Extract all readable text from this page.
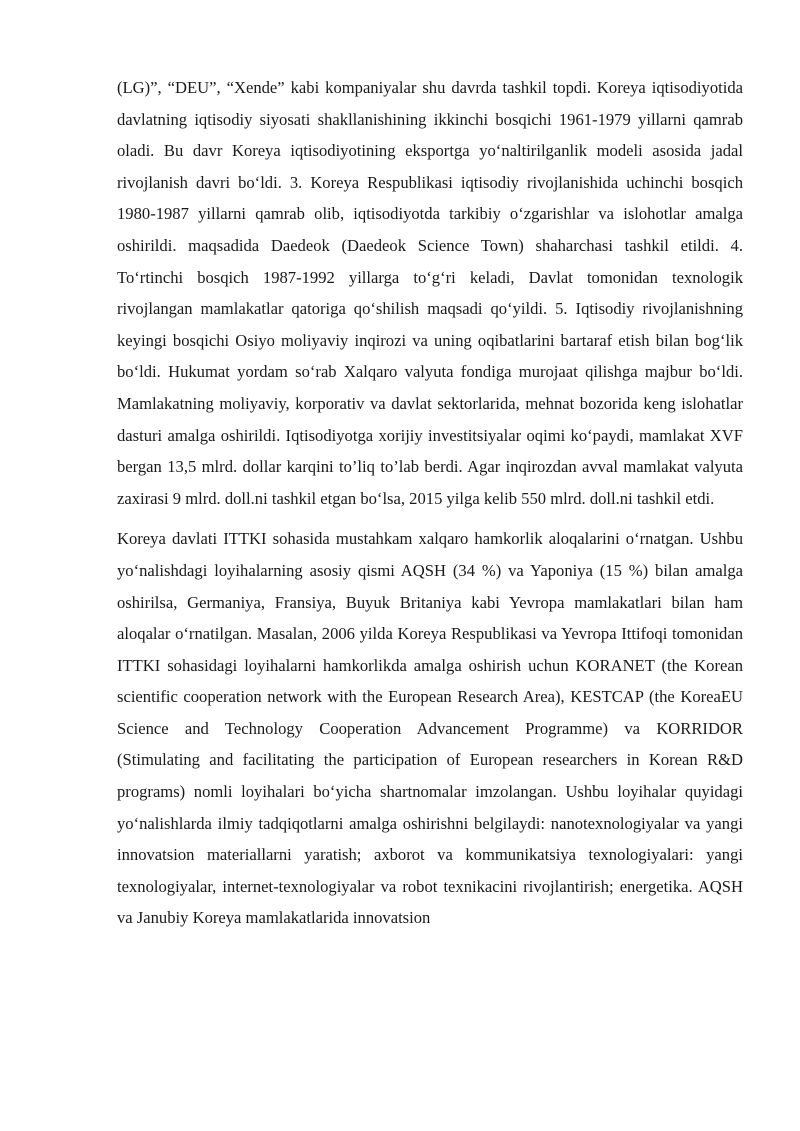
(LG)”, “DEU”, “Xende” kabi kompaniyalar shu davrda tashkil topdi. Koreya iqtisodiyotida davlatning iqtisodiy siyosati shakllanishining ikkinchi bosqichi 1961-1979 yillarni qamrab oladi. Bu davr Koreya iqtisodiyotining eksportga yo‘naltirilganlik modeli asosida jadal rivojlanish davri bo‘ldi. 3. Koreya Respublikasi iqtisodiy rivojlanishida uchinchi bosqich 1980-1987 yillarni qamrab olib, iqtisodiyotda tarkibiy o‘zgarishlar va islohotlar amalga oshirildi. maqsadida Daedeok (Daedeok Science Town) shaharchasi tashkil etildi. 4. To‘rtinchi bosqich 1987-1992 yillarga to‘g‘ri keladi, Davlat tomonidan texnologik rivojlangan mamlakatlar qatoriga qo‘shilish maqsadi qo‘yildi. 5. Iqtisodiy rivojlanishning keyingi bosqichi Osiyo moliyaviy inqirozi va uning oqibatlarini bartaraf etish bilan bog‘lik bo‘ldi. Hukumat yordam so‘rab Xalqaro valyuta fondiga murojaat qilishga majbur bo‘ldi. Mamlakatning moliyaviy, korporativ va davlat sektorlarida, mehnat bozorida keng islohatlar dasturi amalga oshirildi. Iqtisodiyotga xorijiy investitsiyalar oqimi ko‘paydi, mamlakat XVF bergan 13,5 mlrd. dollar karqini to’liq to’lab berdi. Agar inqirozdan avval mamlakat valyuta zaxirasi 9 mlrd. doll.ni tashkil etgan bo‘lsa, 2015 yilga kelib 550 mlrd. doll.ni tashkil etdi.

Koreya davlati ITTKI sohasida mustahkam xalqaro hamkorlik aloqalarini o‘rnatgan. Ushbu yo‘nalishdagi loyihalarning asosiy qismi AQSH (34 %) va Yaponiya (15 %) bilan amalga oshirilsa, Germaniya, Fransiya, Buyuk Britaniya kabi Yevropa mamlakatlari bilan ham aloqalar o‘rnatilgan. Masalan, 2006 yilda Koreya Respublikasi va Yevropa Ittifoqi tomonidan ITTKI sohasidagi loyihalarni hamkorlikda amalga oshirish uchun KORANET (the Korean scientific cooperation network with the European Research Area), KESTCAP (the KoreaEU Science and Technology Cooperation Advancement Programme) va KORRIDOR (Stimulating and facilitating the participation of European researchers in Korean R&D programs) nomli loyihalari bo‘yicha shartnomalar imzolangan. Ushbu loyihalar quyidagi yo‘nalishlarda ilmiy tadqiqotlarni amalga oshirishni belgilaydi: nanotexnologiyalar va yangi innovatsion materiallarni yaratish; axborot va kommunikatsiya texnologiyalari: yangi texnologiyalar, internet-texnologiyalar va robot texnikacini rivojlantirish; energetika. AQSH va Janubiy Koreya mamlakatlarida innovatsion
